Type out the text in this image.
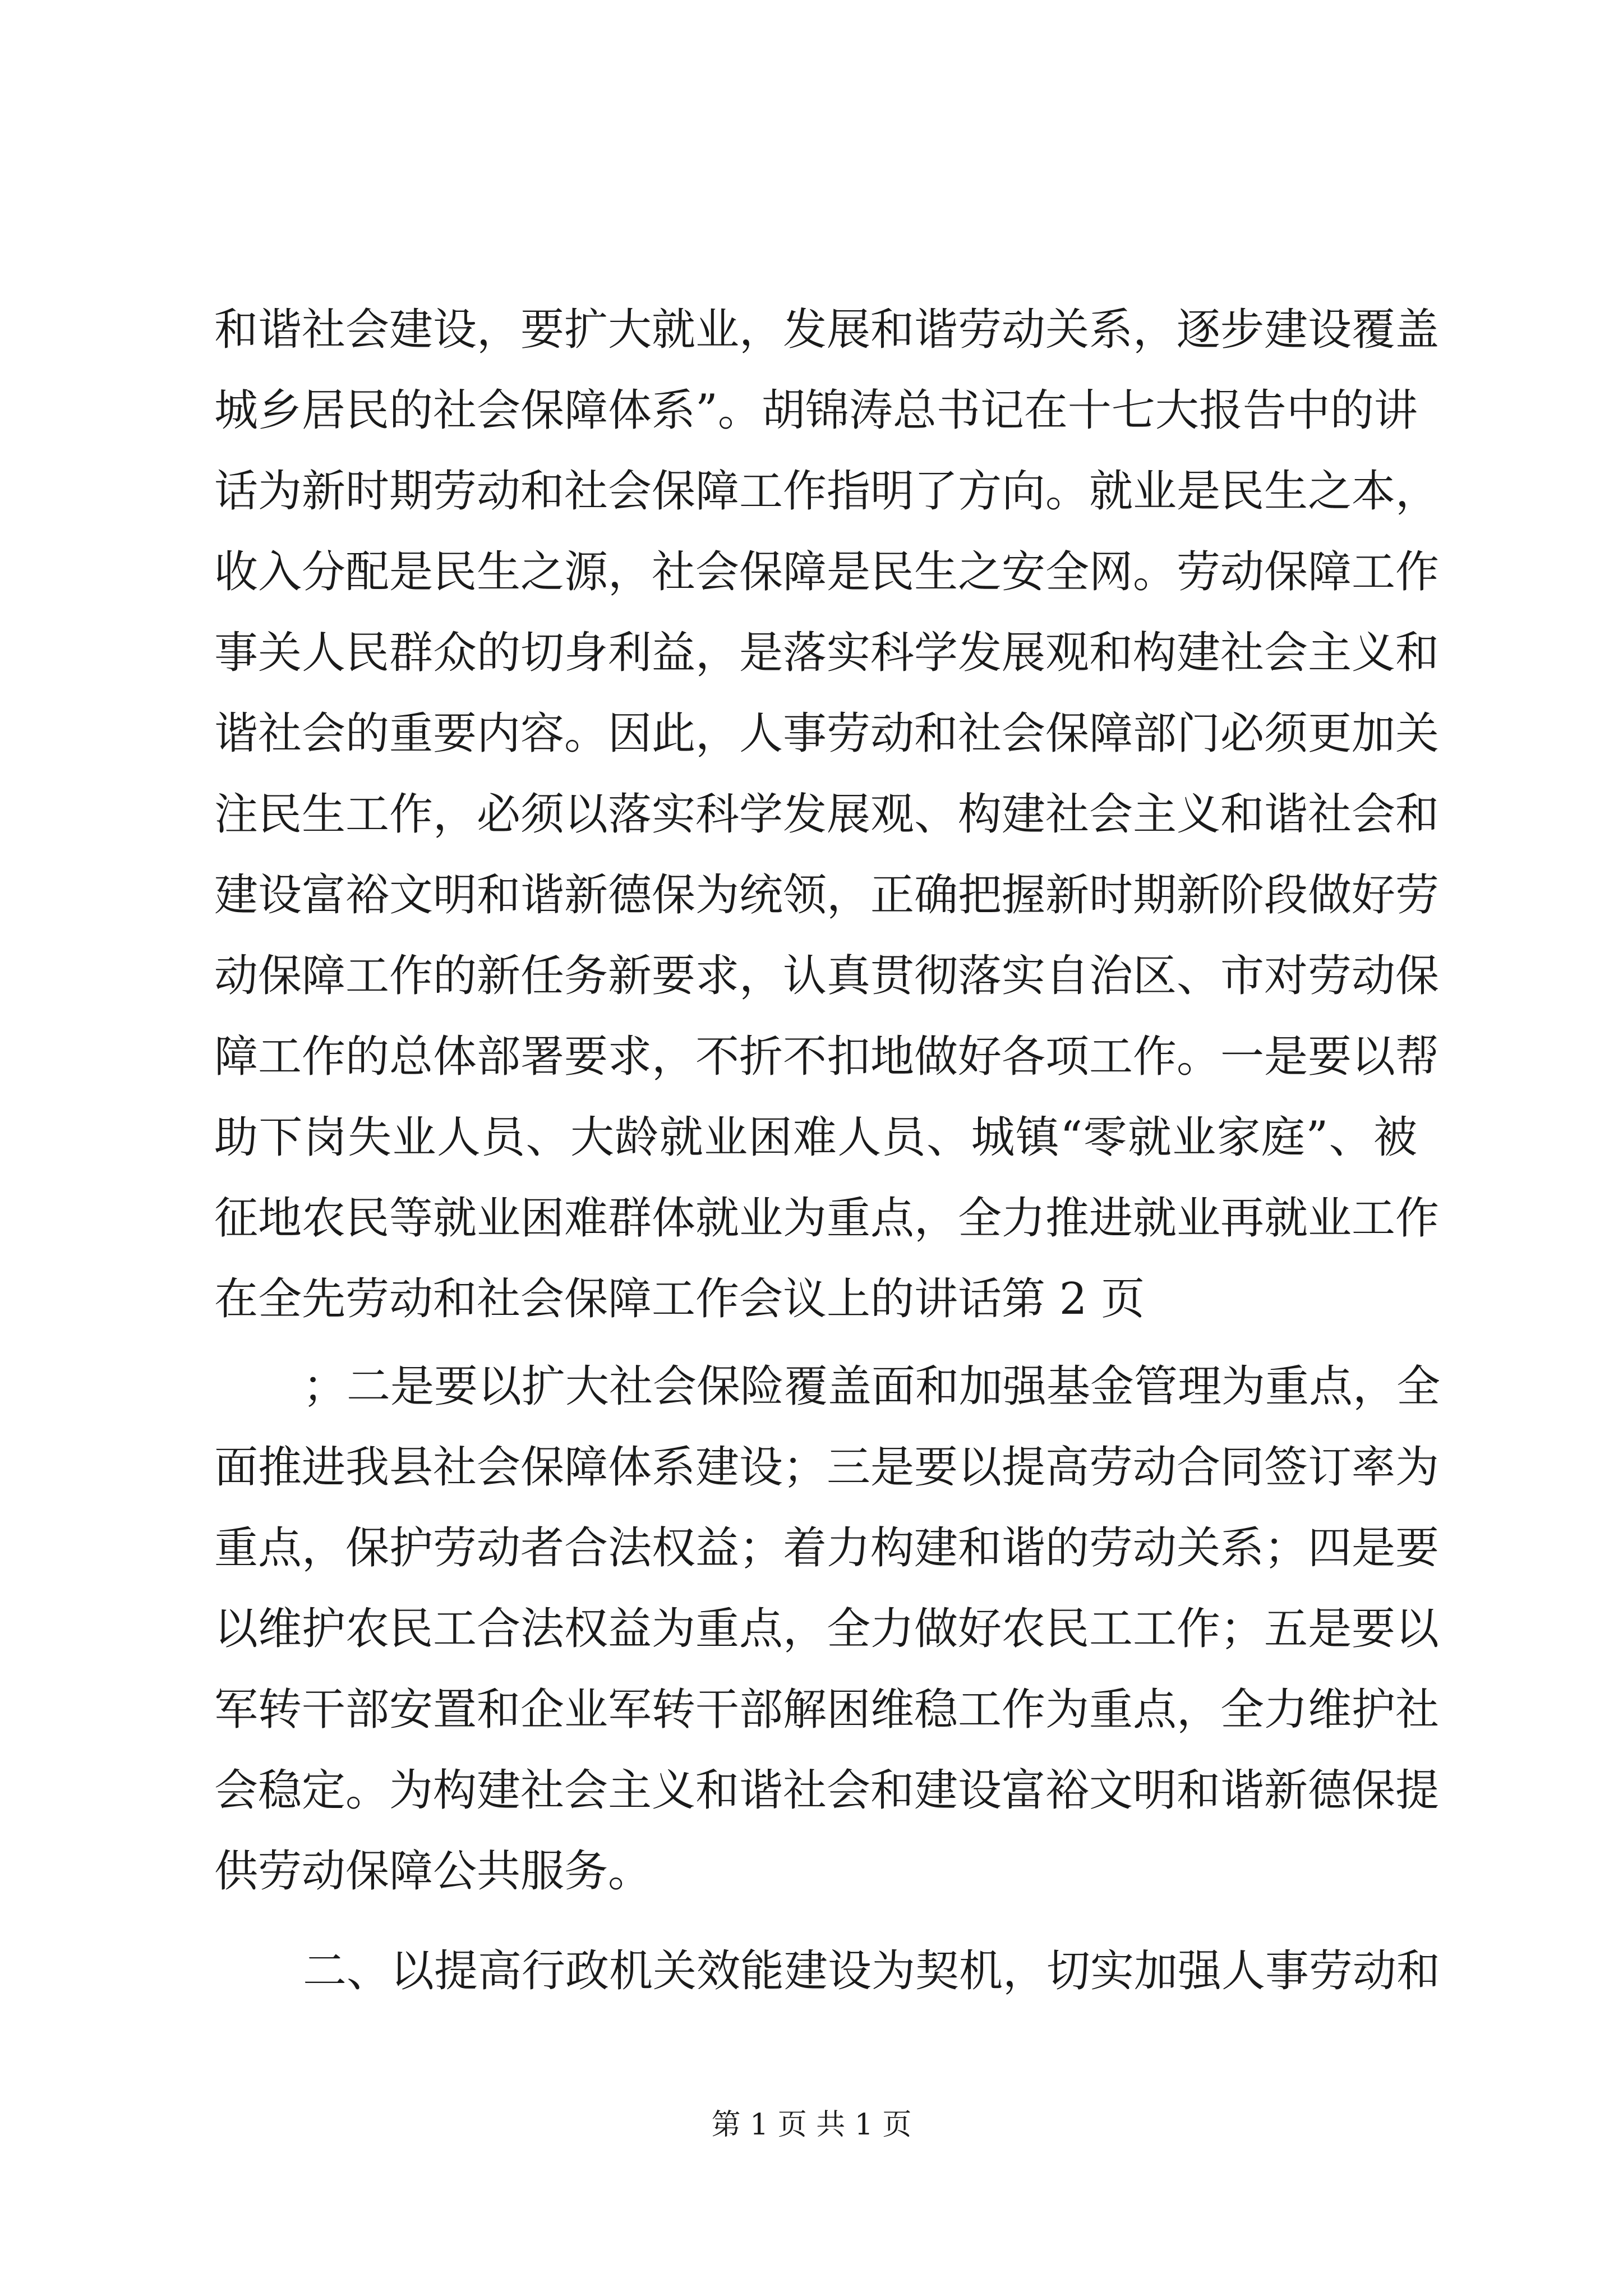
和谐社会建设，要扩大就业，发展和谐劳动关系，逐步建设覆盖
城乡居民的社会保障体系”。胡锦涛总书记在十七大报告中的讲
话为新时期劳动和社会保障工作指明了方向。就业是民生之本，
收入分配是民生之源，社会保障是民生之安全网。劳动保障工作
事关人民群众的切身利益，是落实科学发展观和构建社会主义和
谐社会的重要内容。因此，人事劳动和社会保障部门必须更加关
注民生工作，必须以落实科学发展观、构建社会主义和谐社会和
建设富裕文明和谐新德保为统领，正确把握新时期新阶段做好劳
动保障工作的新任务新要求，认真贯彻落实自治区、市对劳动保
障工作的总体部署要求，不折不扣地做好各项工作。一是要以帮
助下岗失业人员、大龄就业困难人员、城镇“零就业家庭”、被
征地农民等就业困难群体就业为重点，全力推进就业再就业工作
在全先劳动和社会保障工作会议上的讲话第 2 页
；二是要以扩大社会保险覆盖面和加强基金管理为重点，全
面推进我县社会保障体系建设；三是要以提高劳动合同签订率为
重点，保护劳动者合法权益；着力构建和谐的劳动关系；四是要
以维护农民工合法权益为重点，全力做好农民工工作；五是要以
军转干部安置和企业军转干部解困维稳工作为重点，全力维护社
会稳定。为构建社会主义和谐社会和建设富裕文明和谐新德保提
供劳动保障公共服务。
二、以提高行政机关效能建设为契机，切实加强人事劳动和
第 1 页 共 1 页
